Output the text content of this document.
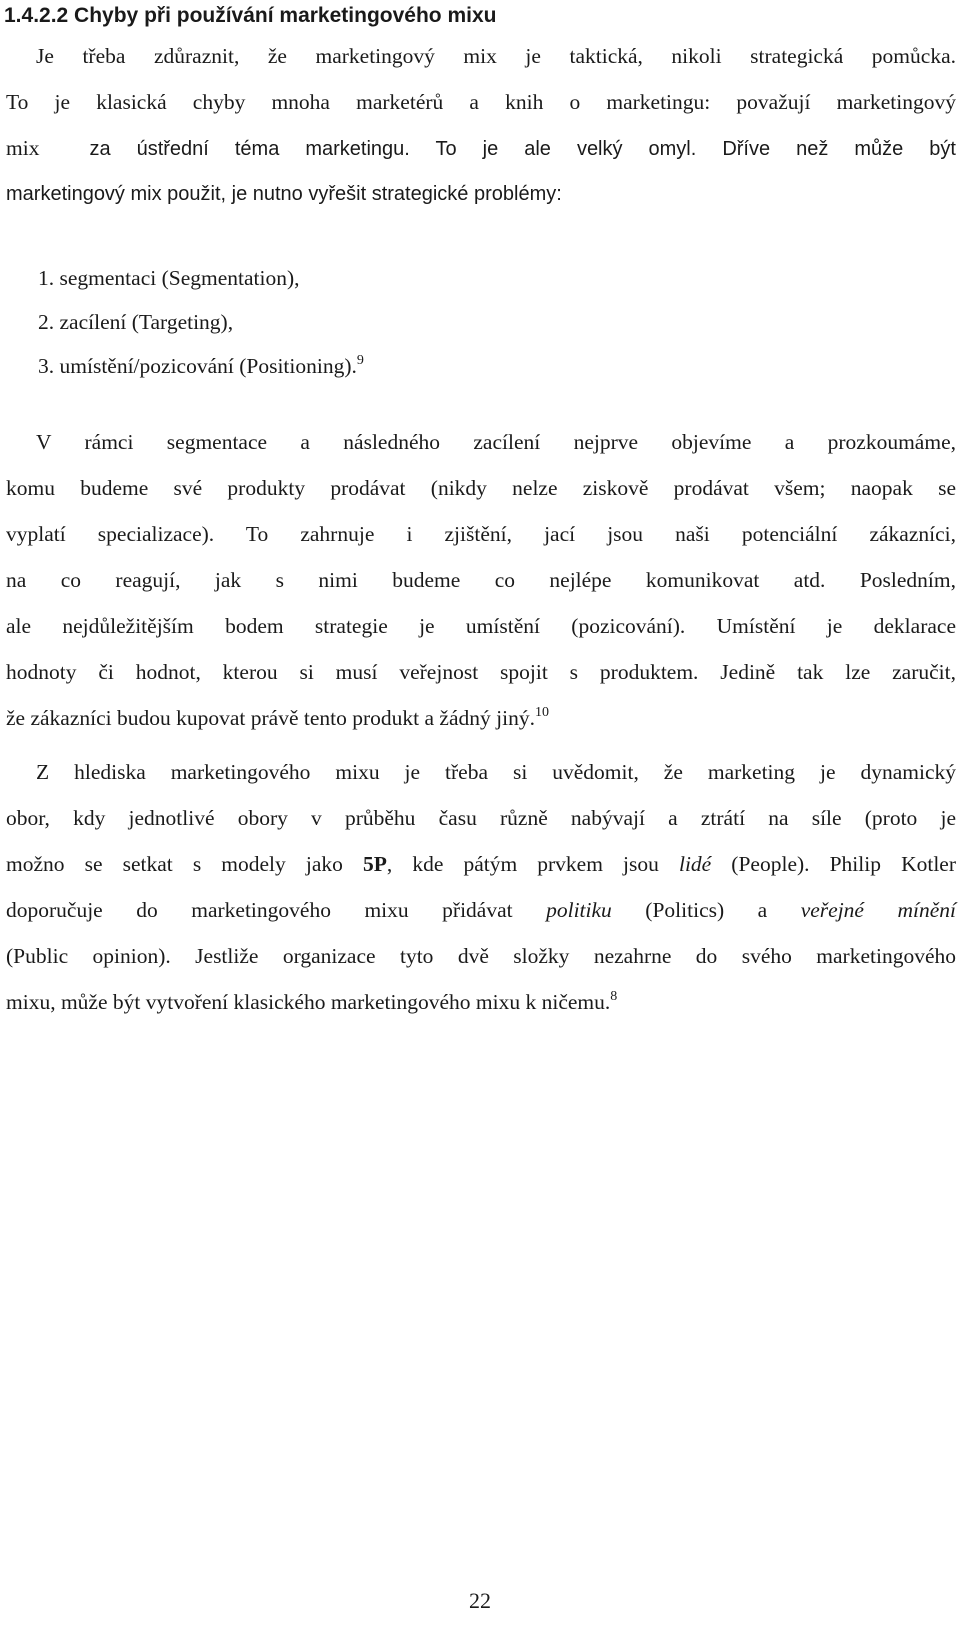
1.4.2.2 Chyby při používání marketingového mixu
Je třeba zdůraznit, že marketingový mix je taktická, nikoli strategická pomůcka.
To je klasická chyby mnoha marketérů a knih o marketingu: považují marketingový
mix	za ústřední téma marketingu. To je ale velký omyl. Dříve než může být
marketingový mix použit, je nutno vyřešit strategické problémy:
1. segmentaci (Segmentation),
2. zacílení (Targeting),
3. umístění/pozicování (Positioning).$^9$
V rámci segmentace a následného zacílení nejprve objevíme a prozkoumáme,
komu budeme své produkty prodávat (nikdy nelze ziskově prodávat všem; naopak se
vyplatí specializace). To zahrnuje i zjištění, jací jsou naši potenciální zákazníci,
na co reagují, jak s nimi budeme co nejlépe komunikovat atd. Posledním,
ale nejdůležitějším bodem strategie je umístění (pozicování). Umístění je deklarace
hodnoty či hodnot, kterou si musí veřejnost spojit s produktem. Jedině tak lze zaručit,
že zákazníci budou kupovat právě tento produkt a žádný jiný.$^{10}$
Z hlediska marketingového mixu je třeba si uvědomit, že marketing je dynamický
obor, kdy jednotlivé obory v průběhu času různě nabývají a ztrátí na síle (proto je
možno se setkat s modely jako 5P, kde pátým prvkem jsou lidé (People). Philip Kotler
doporučuje do marketingového mixu přidávat politiku (Politics) a veřejné mínění
(Public opinion). Jestliže organizace tyto dvě složky nezahrne do svého marketingového
mixu, může být vytvoření klasického marketingového mixu k ničemu.$^8$
22
